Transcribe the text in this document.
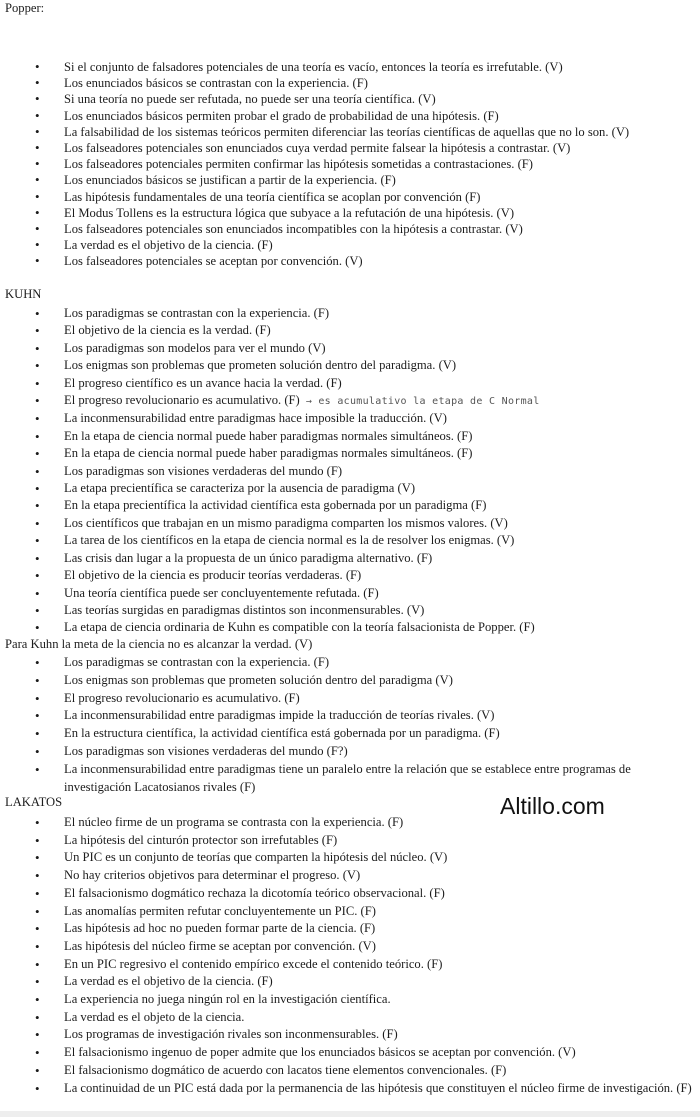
Popper:
• Si el conjunto de falsadores potenciales de una teoría es vacío, entonces la teoría es irrefutable. (V)
• Los enunciados básicos se contrastan con la experiencia. (F)
• Si una teoría no puede ser refutada, no puede ser una teoría científica. (V)
• Los enunciados básicos permiten probar el grado de probabilidad de una hipótesis. (F)
• La falsabilidad de los sistemas teóricos permiten diferenciar las teorías científicas de aquellas que no lo son. (V)
• Los falseadores potenciales son enunciados cuya verdad permite falsear la hipótesis a contrastar. (V)
• Los falseadores potenciales permiten confirmar las hipótesis sometidas a contrastaciones. (F)
• Los enunciados básicos se justifican a partir de la experiencia. (F)
• Las hipótesis fundamentales de una teoría científica se acoplan por convención (F)
• El Modus Tollens es la estructura lógica que subyace a la refutación de una hipótesis. (V)
• Los falseadores potenciales son enunciados incompatibles con la hipótesis a contrastar. (V)
• La verdad es el objetivo de la ciencia. (F)
• Los falseadores potenciales se aceptan por convención. (V)
KUHN
• Los paradigmas se contrastan con la experiencia. (F)
• El objetivo de la ciencia es la verdad. (F)
• Los paradigmas son modelos para ver el mundo (V)
• Los enigmas son problemas que prometen solución dentro del paradigma. (V)
• El progreso científico es un avance hacia la verdad. (F)
• El progreso revolucionario es acumulativo. (F) → es acumulativo la etapa de C Normal
• La inconmensurabilidad entre paradigmas hace imposible la traducción. (V)
• En la etapa de ciencia normal puede haber paradigmas normales simultáneos. (F)
• En la etapa de ciencia normal puede haber paradigmas normales simultáneos. (F)
• Los paradigmas son visiones verdaderas del mundo (F)
• La etapa precientífica se caracteriza por la ausencia de paradigma (V)
• En la etapa precientífica la actividad científica esta gobernada por un paradigma (F)
• Los científicos que trabajan en un mismo paradigma comparten los mismos valores. (V)
• La tarea de los científicos en la etapa de ciencia normal es la de resolver los enigmas. (V)
• Las crisis dan lugar a la propuesta de un único paradigma alternativo. (F)
• El objetivo de la ciencia es producir teorías verdaderas. (F)
• Una teoría científica puede ser concluyentemente refutada. (F)
• Las teorías surgidas en paradigmas distintos son inconmensurables. (V)
• La etapa de ciencia ordinaria de Kuhn es compatible con la teoría falsacionista de Popper. (F)
Para Kuhn la meta de la ciencia no es alcanzar la verdad. (V)
• Los paradigmas se contrastan con la experiencia. (F)
• Los enigmas son problemas que prometen solución dentro del paradigma (V)
• El progreso revolucionario es acumulativo. (F)
• La inconmensurabilidad entre paradigmas impide la traducción de teorías rivales. (V)
• En la estructura científica, la actividad científica está gobernada por un paradigma. (F)
• Los paradigmas son visiones verdaderas del mundo (F?)
• La inconmensurabilidad entre paradigmas tiene un paralelo entre la relación que se establece entre programas de investigación Lacatosianos rivales (F)
LAKATOS
• El núcleo firme de un programa se contrasta con la experiencia. (F)
• La hipótesis del cinturón protector son irrefutables (F)
• Un PIC es un conjunto de teorías que comparten la hipótesis del núcleo. (V)
• No hay criterios objetivos para determinar el progreso. (V)
• El falsacionismo dogmático rechaza la dicotomía teórico observacional. (F)
• Las anomalías permiten refutar concluyentemente un PIC. (F)
• Las hipótesis ad hoc no pueden formar parte de la ciencia. (F)
• Las hipótesis del núcleo firme se aceptan por convención. (V)
• En un PIC regresivo el contenido empírico excede el contenido teórico. (F)
• La verdad es el objetivo de la ciencia. (F)
• La experiencia no juega ningún rol en la investigación científica.
• La verdad es el objeto de la ciencia.
• Los programas de investigación rivales son inconmensurables. (F)
• El falsacionismo ingenuo de poper admite que los enunciados básicos se aceptan por convención. (V)
• El falsacionismo dogmático de acuerdo con lacatos tiene elementos convencionales. (F)
• La continuidad de un PIC está dada por la permanencia de las hipótesis que constituyen el núcleo firme de investigación. (F)
Altillo.com
